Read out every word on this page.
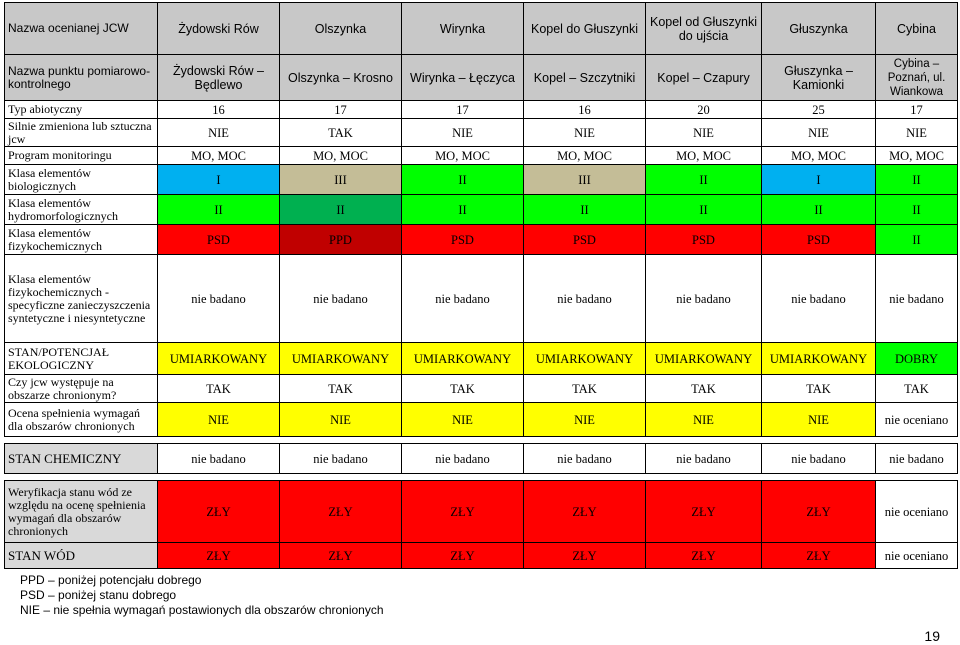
Nazwa ocenianej JCW	Żydowski Rów	Olszynka	Wirynka	Kopel do Głuszynki	Kopel od Głuszynki do ujścia	Głuszynka	Cybina
Nazwa punktu pomiarowo-kontrolnego	Żydowski Rów – Będlewo	Olszynka – Krosno	Wirynka – Łęczyca	Kopel – Szczytniki	Kopel – Czapury	Głuszynka – Kamionki	Cybina – Poznań, ul. Wiankowa
Typ abiotyczny	16	17	17	16	20	25	17
Silnie zmieniona lub sztuczna jcw	NIE	TAK	NIE	NIE	NIE	NIE	NIE
Program monitoringu	MO, MOC	MO, MOC	MO, MOC	MO, MOC	MO, MOC	MO, MOC	MO, MOC
Klasa elementów biologicznych	I	III	II	III	II	I	II
Klasa elementów hydromorfologicznych	II	II	II	II	II	II	II
Klasa elementów fizykochemicznych	PSD	PPD	PSD	PSD	PSD	PSD	II
Klasa elementów fizykochemicznych - specyficzne zanieczyszczenia syntetyczne i niesyntetyczne	nie badano	nie badano	nie badano	nie badano	nie badano	nie badano	nie badano
STAN/POTENCJAŁ EKOLOGICZNY	UMIARKOWANY	UMIARKOWANY	UMIARKOWANY	UMIARKOWANY	UMIARKOWANY	UMIARKOWANY	DOBRY
Czy jcw występuje na obszarze chronionym?	TAK	TAK	TAK	TAK	TAK	TAK	TAK
Ocena spełnienia wymagań dla obszarów chronionych	NIE	NIE	NIE	NIE	NIE	NIE	nie oceniano

STAN CHEMICZNY	nie badano	nie badano	nie badano	nie badano	nie badano	nie badano	nie badano

Weryfikacja stanu wód ze względu na ocenę spełnienia wymagań dla obszarów chronionych	ZŁY	ZŁY	ZŁY	ZŁY	ZŁY	ZŁY	nie oceniano
STAN WÓD	ZŁY	ZŁY	ZŁY	ZŁY	ZŁY	ZŁY	nie oceniano
PPD – poniżej potencjału dobrego
PSD – poniżej stanu dobrego
NIE – nie spełnia wymagań postawionych dla obszarów chronionych
19
